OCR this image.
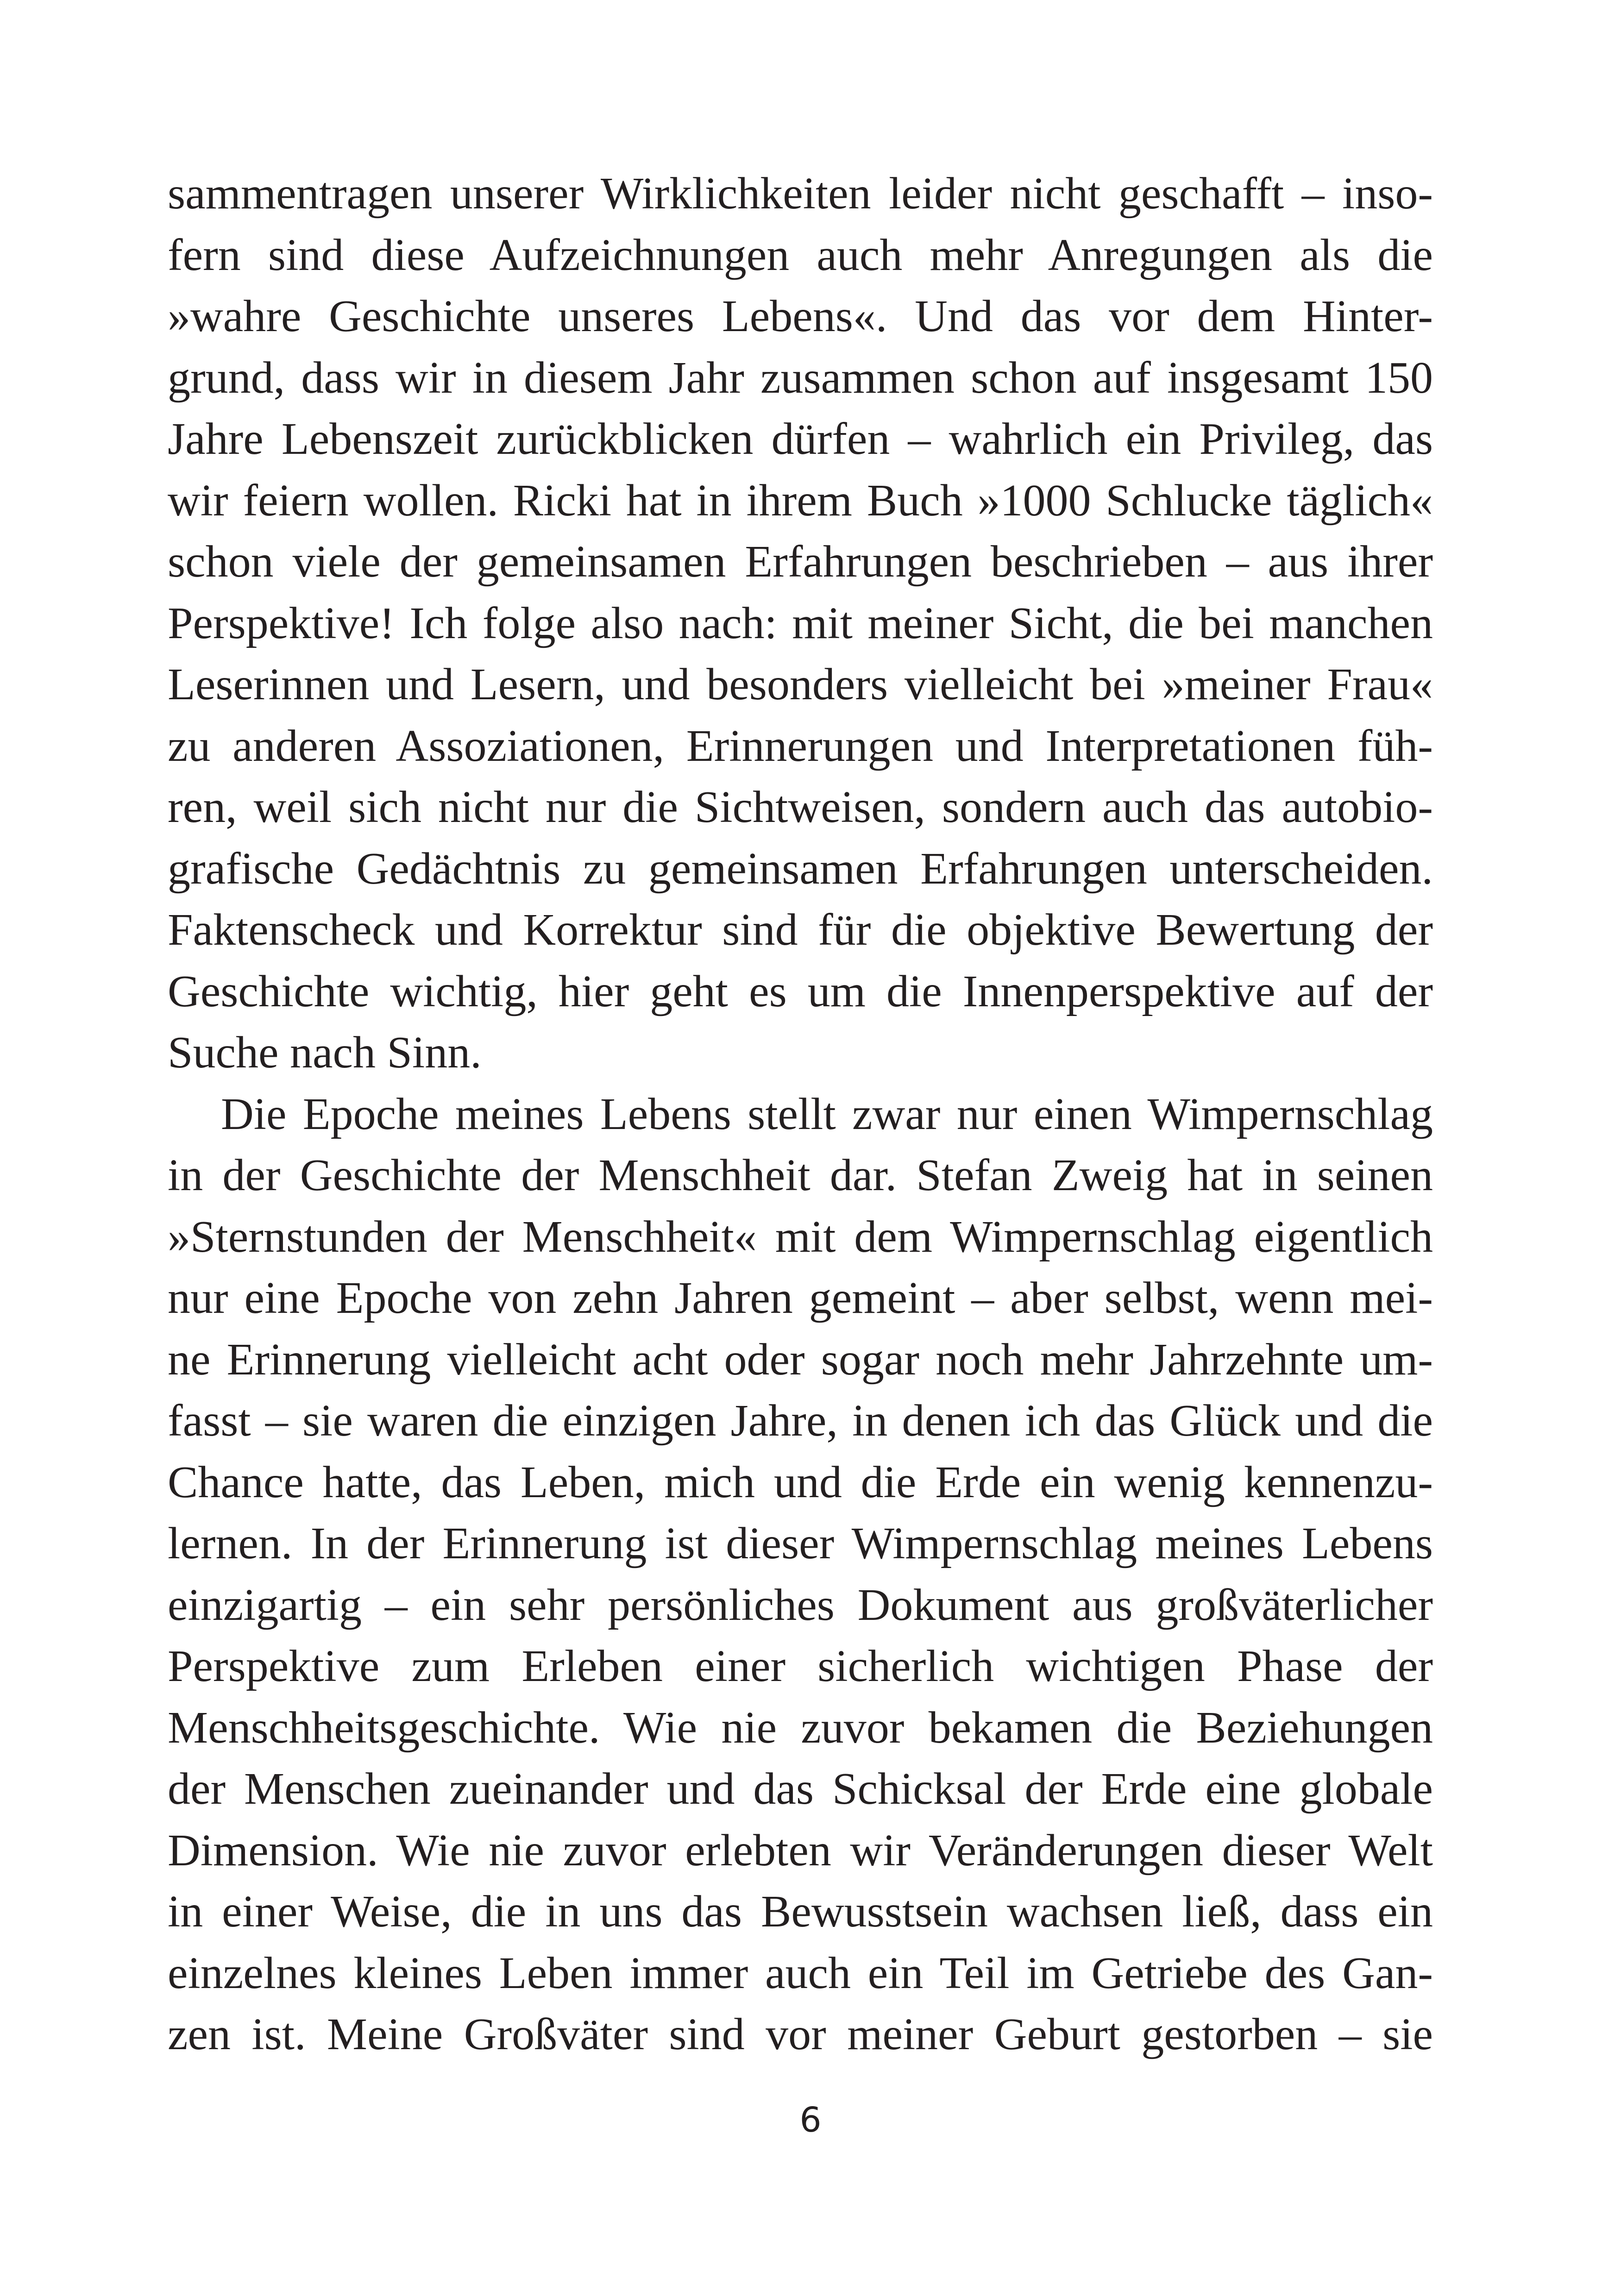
sammentragen unserer Wirklichkeiten leider nicht geschafft – inso-
fern sind diese Aufzeichnungen auch mehr Anregungen als die
»wahre Geschichte unseres Lebens«. Und das vor dem Hinter-
grund, dass wir in diesem Jahr zusammen schon auf insgesamt 150
Jahre Lebenszeit zurückblicken dürfen – wahrlich ein Privileg, das
wir feiern wollen. Ricki hat in ihrem Buch »1000 Schlucke täglich«
schon viele der gemeinsamen Erfahrungen beschrieben – aus ihrer
Perspektive! Ich folge also nach: mit meiner Sicht, die bei manchen
Leserinnen und Lesern, und besonders vielleicht bei »meiner Frau«
zu anderen Assoziationen, Erinnerungen und Interpretationen füh-
ren, weil sich nicht nur die Sichtweisen, sondern auch das autobio-
grafische Gedächtnis zu gemeinsamen Erfahrungen unterscheiden.
Faktenscheck und Korrektur sind für die objektive Bewertung der
Geschichte wichtig, hier geht es um die Innenperspektive auf der
Suche nach Sinn.
Die Epoche meines Lebens stellt zwar nur einen Wimpernschlag
in der Geschichte der Menschheit dar. Stefan Zweig hat in seinen
»Sternstunden der Menschheit« mit dem Wimpernschlag eigentlich
nur eine Epoche von zehn Jahren gemeint – aber selbst, wenn mei-
ne Erinnerung vielleicht acht oder sogar noch mehr Jahrzehnte um-
fasst – sie waren die einzigen Jahre, in denen ich das Glück und die
Chance hatte, das Leben, mich und die Erde ein wenig kennenzu-
lernen. In der Erinnerung ist dieser Wimpernschlag meines Lebens
einzigartig – ein sehr persönliches Dokument aus großväterlicher
Perspektive zum Erleben einer sicherlich wichtigen Phase der
Menschheitsgeschichte. Wie nie zuvor bekamen die Beziehungen
der Menschen zueinander und das Schicksal der Erde eine globale
Dimension. Wie nie zuvor erlebten wir Veränderungen dieser Welt
in einer Weise, die in uns das Bewusstsein wachsen ließ, dass ein
einzelnes kleines Leben immer auch ein Teil im Getriebe des Gan-
zen ist. Meine Großväter sind vor meiner Geburt gestorben – sie
6
